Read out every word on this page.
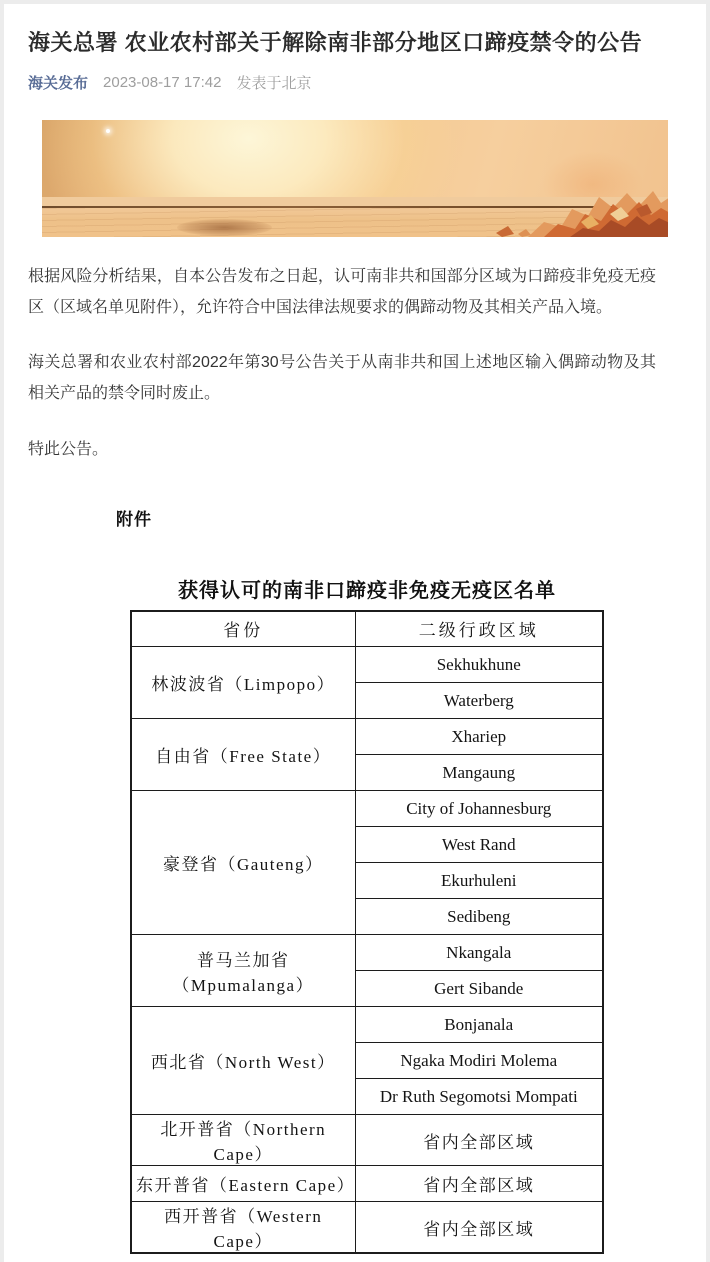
海关总署 农业农村部关于解除南非部分地区口蹄疫禁令的公告
海关发布 2023-08-17 17:42 发表于北京

根据风险分析结果，自本公告发布之日起，认可南非共和国部分区域为口蹄疫非免疫无疫区（区域名单见附件），允许符合中国法律法规要求的偶蹄动物及其相关产品入境。

海关总署和农业农村部2022年第30号公告关于从南非共和国上述地区输入偶蹄动物及其相关产品的禁令同时废止。

特此公告。

附件
获得认可的南非口蹄疫非免疫无疫区名单
省份	二级行政区域
林波波省（Limpopo）	Sekhukhune
	Waterberg
自由省（Free State）	Xhariep
	Mangaung
豪登省（Gauteng）	City of Johannesburg
	West Rand
	Ekurhuleni
	Sedibeng
普马兰加省（Mpumalanga）	Nkangala
	Gert Sibande
西北省（North West）	Bonjanala
	Ngaka Modiri Molema
	Dr Ruth Segomotsi Mompati
北开普省（Northern Cape）	省内全部区域
东开普省（Eastern Cape）	省内全部区域
西开普省（Western Cape）	省内全部区域
